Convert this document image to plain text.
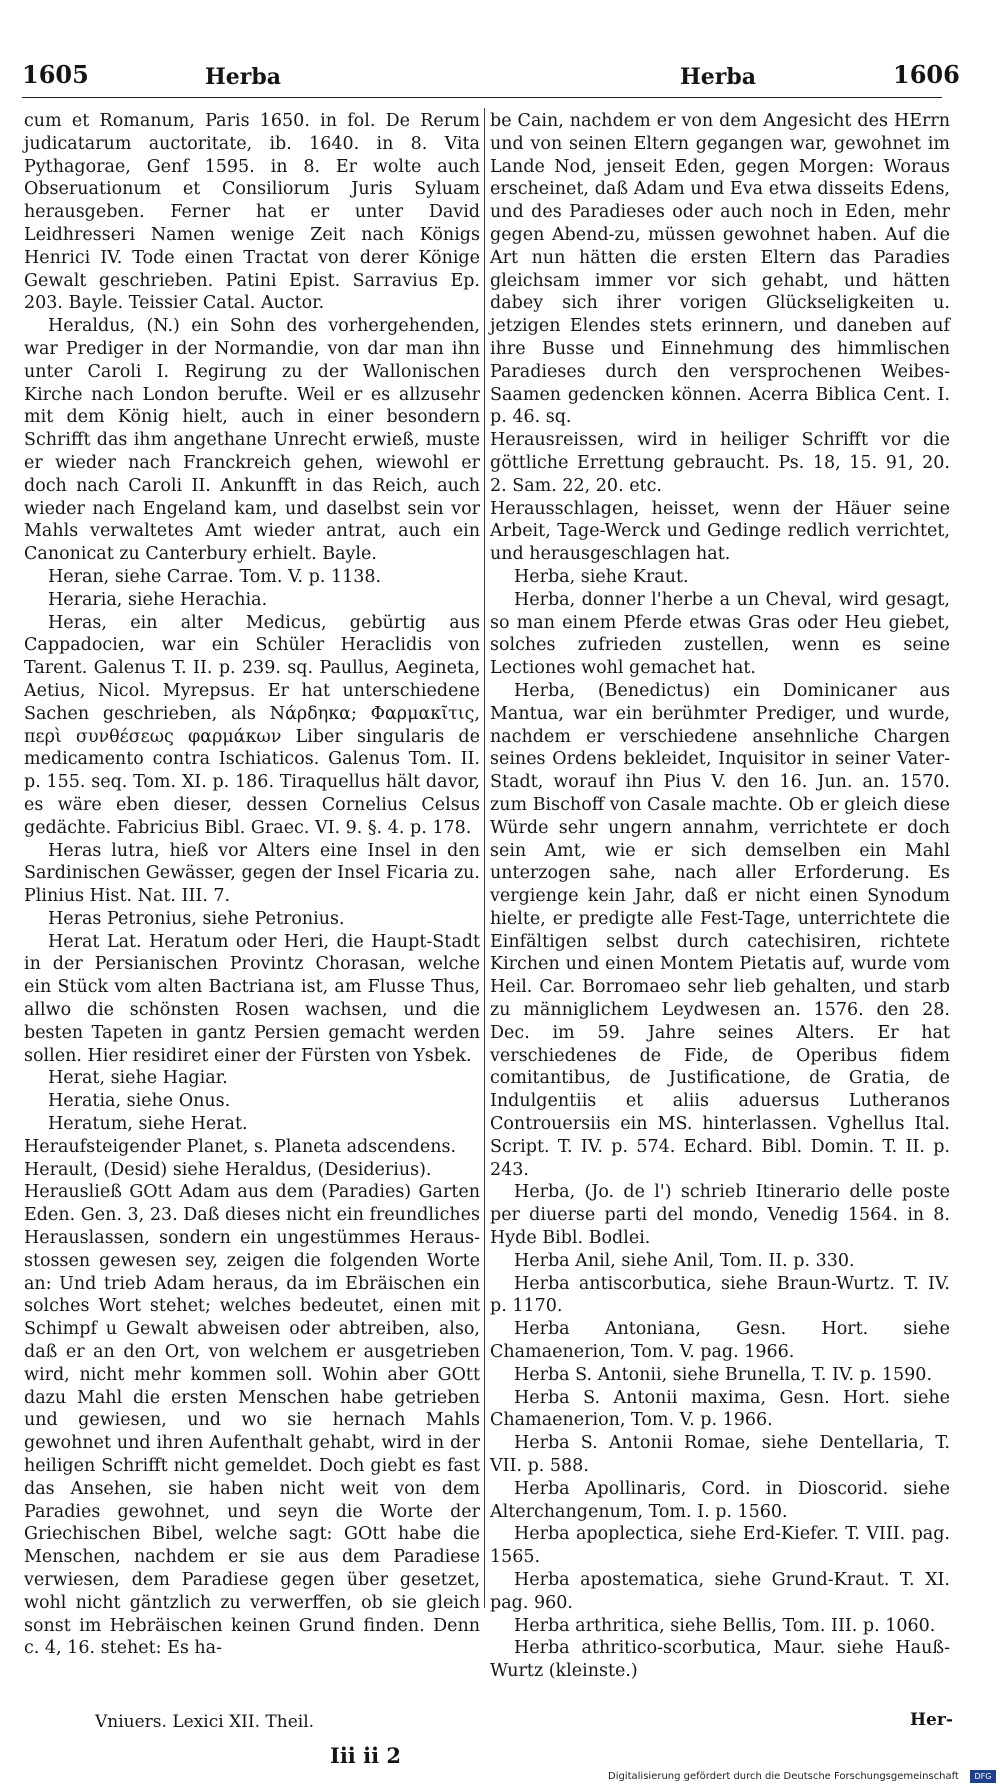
1605	Herba	Herba	1606

cum et Romanum, Paris 1650. in fol. De Rerum judicatarum auctoritate, ib. 1640. in 8. Vita Pythagorae, Genf 1595. in 8. Er wolte auch Obseruationum et Consiliorum Juris Syluam herausgeben. Ferner hat er unter David Leidhresseri Namen wenige Zeit nach Königs Henrici IV. Tode einen Tractat von derer Könige Gewalt geschrieben. Patini Epist. Sarravius Ep. 203. Bayle. Teissier Catal. Auctor.

Heraldus, (N.) ein Sohn des vorhergehenden, war Prediger in der Normandie, von dar man ihn unter Caroli I. Regirung zu der Wallonischen Kirche nach London berufte. Weil er es allzusehr mit dem König hielt, auch in einer besondern Schrifft das ihm angethane Unrecht erwieß, muste er wieder nach Franckreich gehen, wiewohl er doch nach Caroli II. Ankunfft in das Reich, auch wieder nach Engeland kam, und daselbst sein vor Mahls verwaltetes Amt wieder antrat, auch ein Canonicat zu Canterbury erhielt. Bayle.

Heran, siehe Carrae. Tom. V. p. 1138.

Heraria, siehe Herachia.

Heras, ein alter Medicus, gebürtig aus Cappadocien, war ein Schüler Heraclidis von Tarent. Galenus T. II. p. 239. sq. Paullus, Aegineta, Aetius, Nicol. Myrepsus. Er hat unterschiedene Sachen geschrieben, als Νάρδηκα; Φαρμακῖτις, περὶ συνθέσεως φαρμάκων Liber singularis de medicamento contra Ischiaticos. Galenus Tom. II. p. 155. seq. Tom. XI. p. 186. Tiraquellus hält davor, es wäre eben dieser, dessen Cornelius Celsus gedächte. Fabricius Bibl. Graec. VI. 9. §. 4. p. 178.

Heras lutra, hieß vor Alters eine Insel in den Sardinischen Gewässer, gegen der Insel Ficaria zu. Plinius Hist. Nat. III. 7.

Heras Petronius, siehe Petronius.

Herat Lat. Heratum oder Heri, die Haupt-Stadt in der Persianischen Provintz Chorasan, welche ein Stück vom alten Bactriana ist, am Flusse Thus, allwo die schönsten Rosen wachsen, und die besten Tapeten in gantz Persien gemacht werden sollen. Hier residiret einer der Fürsten von Ysbek.

Herat, siehe Hagiar.

Heratia, siehe Onus.

Heratum, siehe Herat.

Heraufsteigender Planet, s. Planeta adscendens.

Herault, (Desid) siehe Heraldus, (Desiderius).

Herausließ GOtt Adam aus dem (Paradies) Garten Eden. Gen. 3, 23. Daß dieses nicht ein freundliches Herauslassen, sondern ein ungestümmes Herausstossen gewesen sey, zeigen die folgenden Worte an: Und trieb Adam heraus, da im Ebräischen ein solches Wort stehet; welches bedeutet, einen mit Schimpf u Gewalt abweisen oder abtreiben, also, daß er an den Ort, von welchem er ausgetrieben wird, nicht mehr kommen soll. Wohin aber GOtt dazu Mahl die ersten Menschen habe getrieben und gewiesen, und wo sie hernach Mahls gewohnet und ihren Aufenthalt gehabt, wird in der heiligen Schrifft nicht gemeldet. Doch giebt es fast das Ansehen, sie haben nicht weit von dem Paradies gewohnet, und seyn die Worte der Griechischen Bibel, welche sagt: GOtt habe die Menschen, nachdem er sie aus dem Paradiese verwiesen, dem Paradiese gegen über gesetzet, wohl nicht gäntzlich zu verwerffen, ob sie gleich sonst im Hebräischen keinen Grund finden. Denn c. 4, 16. stehet: Es ha-

be Cain, nachdem er von dem Angesicht des HErrn und von seinen Eltern gegangen war, gewohnet im Lande Nod, jenseit Eden, gegen Morgen: Woraus erscheinet, daß Adam und Eva etwa disseits Edens, und des Paradieses oder auch noch in Eden, mehr gegen Abend-zu, müssen gewohnet haben. Auf die Art nun hätten die ersten Eltern das Paradies gleichsam immer vor sich gehabt, und hätten dabey sich ihrer vorigen Glückseligkeiten u. jetzigen Elendes stets erinnern, und daneben auf ihre Busse und Einnehmung des himmlischen Paradieses durch den versprochenen Weibes-Saamen gedencken können. Acerra Biblica Cent. I. p. 46. sq.

Herausreissen, wird in heiliger Schrifft vor die göttliche Errettung gebraucht. Ps. 18, 15. 91, 20. 2. Sam. 22, 20. etc.

Herausschlagen, heisset, wenn der Häuer seine Arbeit, Tage-Werck und Gedinge redlich verrichtet, und herausgeschlagen hat.

Herba, siehe Kraut.

Herba, donner l'herbe a un Cheval, wird gesagt, so man einem Pferde etwas Gras oder Heu giebet, solches zufrieden zustellen, wenn es seine Lectiones wohl gemachet hat.

Herba, (Benedictus) ein Dominicaner aus Mantua, war ein berühmter Prediger, und wurde, nachdem er verschiedene ansehnliche Chargen seines Ordens bekleidet, Inquisitor in seiner Vater-Stadt, worauf ihn Pius V. den 16. Jun. an. 1570. zum Bischoff von Casale machte. Ob er gleich diese Würde sehr ungern annahm, verrichtete er doch sein Amt, wie er sich demselben ein Mahl unterzogen sahe, nach aller Erforderung. Es vergienge kein Jahr, daß er nicht einen Synodum hielte, er predigte alle Fest-Tage, unterrichtete die Einfältigen selbst durch catechisiren, richtete Kirchen und einen Montem Pietatis auf, wurde vom Heil. Car. Borromaeo sehr lieb gehalten, und starb zu männiglichem Leydwesen an. 1576. den 28. Dec. im 59. Jahre seines Alters. Er hat verschiedenes de Fide, de Operibus fidem comitantibus, de Justificatione, de Gratia, de Indulgentiis et aliis aduersus Lutheranos Controuersiis ein MS. hinterlassen. Vghellus Ital. Script. T. IV. p. 574. Echard. Bibl. Domin. T. II. p. 243.

Herba, (Jo. de l') schrieb Itinerario delle poste per diuerse parti del mondo, Venedig 1564. in 8. Hyde Bibl. Bodlei.

Herba Anil, siehe Anil, Tom. II. p. 330.

Herba antiscorbutica, siehe Braun-Wurtz. T. IV. p. 1170.

Herba Antoniana, Gesn. Hort. siehe Chamaenerion, Tom. V. pag. 1966.

Herba S. Antonii, siehe Brunella, T. IV. p. 1590.

Herba S. Antonii maxima, Gesn. Hort. siehe Chamaenerion, Tom. V. p. 1966.

Herba S. Antonii Romae, siehe Dentellaria, T. VII. p. 588.

Herba Apollinaris, Cord. in Dioscorid. siehe Alterchangenum, Tom. I. p. 1560.

Herba apoplectica, siehe Erd-Kiefer. T. VIII. pag. 1565.

Herba apostematica, siehe Grund-Kraut. T. XI. pag. 960.

Herba arthritica, siehe Bellis, Tom. III. p. 1060.

Herba athritico-scorbutica, Maur. siehe Hauß-Wurtz (kleinste.)

Vniuers. Lexici XII. Theil.
Iii ii 2
Her-
Digitalisierung gefördert durch die Deutsche Forschungsgemeinschaft	DFG
